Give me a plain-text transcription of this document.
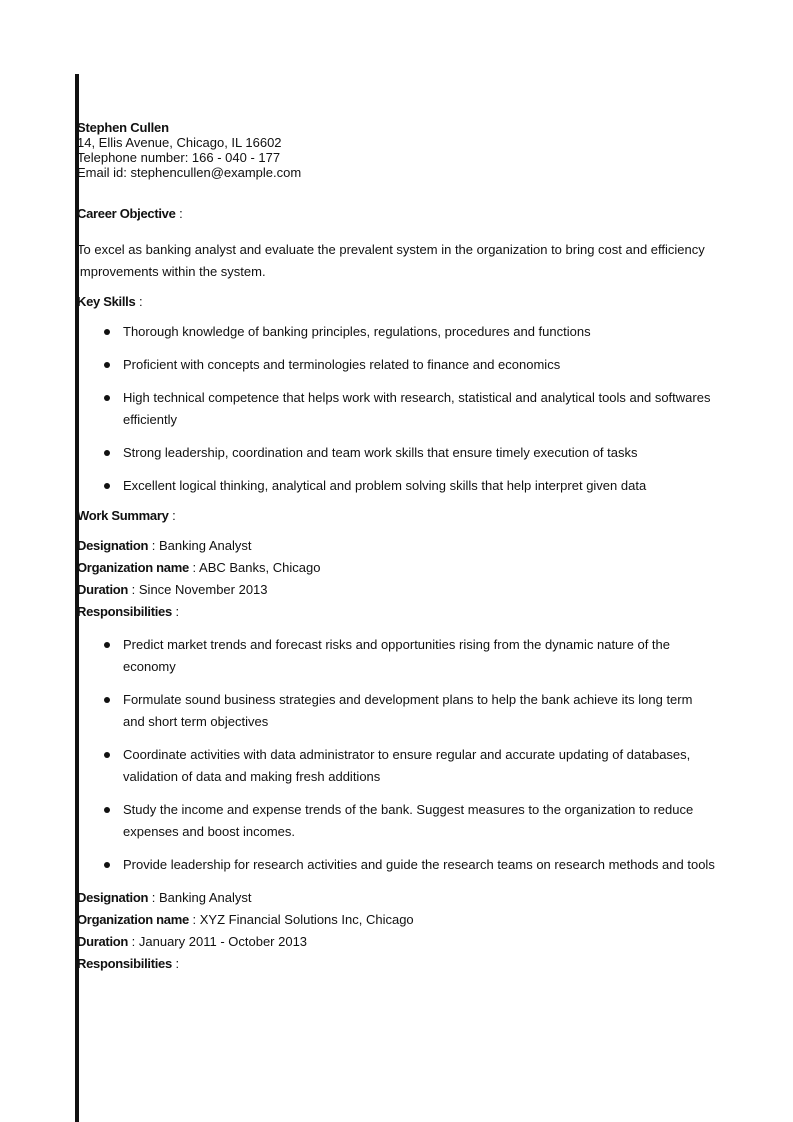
Stephen Cullen
14, Ellis Avenue, Chicago, IL 16602
Telephone number: 166 - 040 - 177
Email id: stephencullen@example.com
Career Objective :
To excel as banking analyst and evaluate the prevalent system in the organization to bring cost and efficiency improvements within the system.
Key Skills :
Thorough knowledge of banking principles, regulations, procedures and functions
Proficient with concepts and terminologies related to finance and economics
High technical competence that helps work with research, statistical and analytical tools and softwares efficiently
Strong leadership, coordination and team work skills that ensure timely execution of tasks
Excellent logical thinking, analytical and problem solving skills that help interpret given data
Work Summary :
Designation : Banking Analyst
Organization name : ABC Banks, Chicago
Duration : Since November 2013
Responsibilities :
Predict market trends and forecast risks and opportunities rising from the dynamic nature of the economy
Formulate sound business strategies and development plans to help the bank achieve its long term and short term objectives
Coordinate activities with data administrator to ensure regular and accurate updating of databases, validation of data and making fresh additions
Study the income and expense trends of the bank. Suggest measures to the organization to reduce expenses and boost incomes.
Provide leadership for research activities and guide the research teams on research methods and tools
Designation : Banking Analyst
Organization name : XYZ Financial Solutions Inc, Chicago
Duration : January 2011 - October 2013
Responsibilities :
